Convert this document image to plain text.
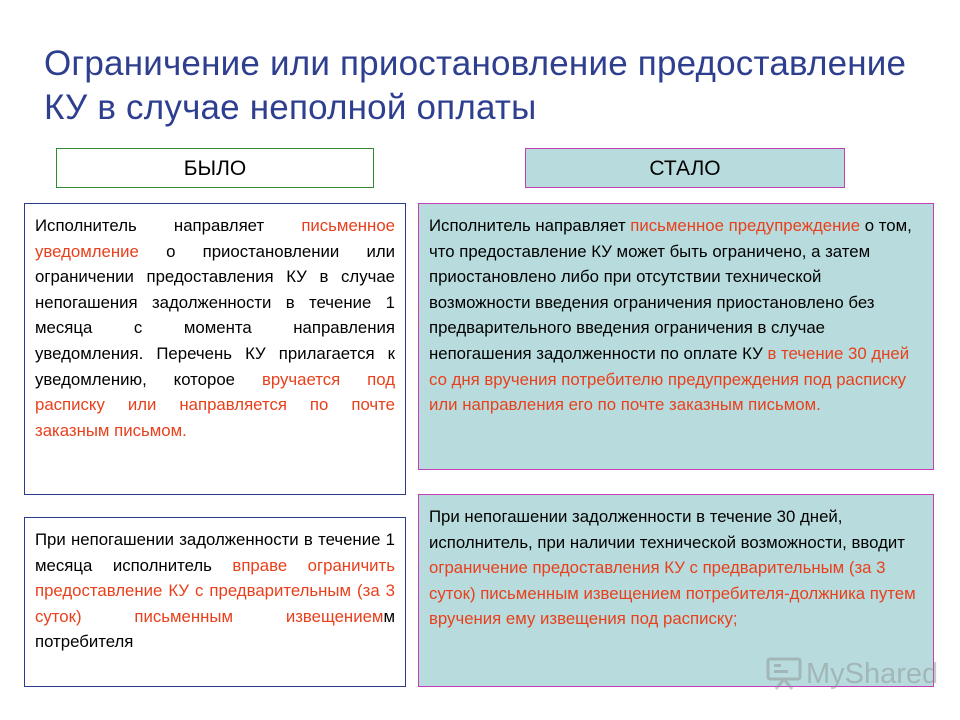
Ограничение или приостановление предоставление КУ в случае неполной оплаты
БЫЛО	СТАЛО
Исполнитель направляет письменное уведомление о приостановлении или ограничении предоставления КУ в случае непогашения задолженности в течение 1 месяца с момента направления уведомления. Перечень КУ прилагается к уведомлению, которое вручается под расписку или направляется по почте заказным письмом.
При непогашении задолженности в течение 1 месяца исполнитель вправе ограничить предоставление КУ с предварительным (за 3 суток) письменным извещениемм потребителя
Исполнитель направляет письменное предупреждение о том, что предоставление КУ может быть ограничено, а затем приостановлено либо при отсутствии технической возможности введения ограничения приостановлено без предварительного введения ограничения в случае непогашения задолженности по оплате КУ в течение 30 дней со дня вручения потребителю предупреждения под расписку или направления его по почте заказным письмом.
При непогашении задолженности в течение 30 дней, исполнитель, при наличии технической возможности, вводит ограничение предоставления КУ с предварительным (за 3 суток) письменным извещением потребителя-должника путем вручения ему извещения под расписку;
MyShared
